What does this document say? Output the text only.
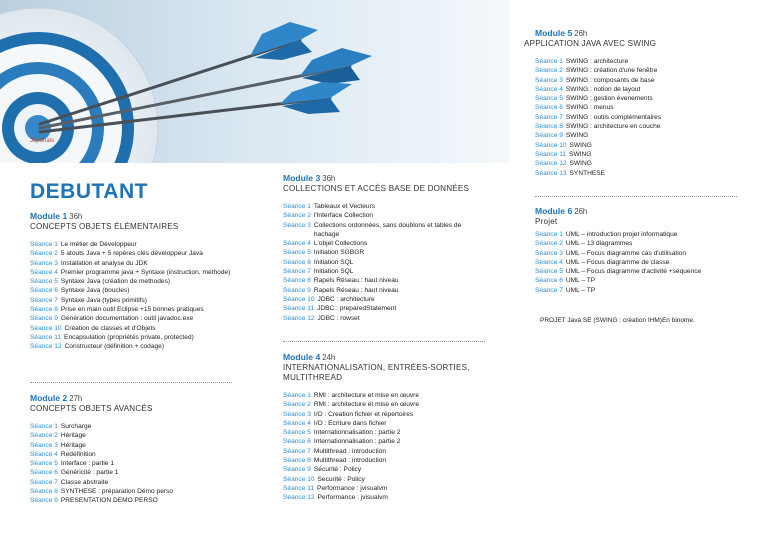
Japonais
DEBUTANT
Module 1 36h
CONCEPTS OBJETS ÉLÉMENTAIRES
Séance 1 Le métier de Développeur
Séance 2 5 atouts Java + 5 repères clés développeur Java
Séance 3 Installation et analyse du JDK
Séance 4 Premier programme java + Syntaxe (instruction, méthode)
Séance 5 Syntaxe Java (création de methodes)
Séance 6 Syntaxe Java (boucles)
Séance 7 Syntaxe Java (types primitifs)
Séance 8 Prise en main outil Eclipse +15 bonnes pratiques
Séance 9 Génération documentation : outil javadoc.exe
Séance 10 Création de classes et d'Objets
Séance 11 Encapsulation (propriétés private, protected)
Séance 12 Constructeur (définition + codage)
Module 2 27h
CONCEPTS OBJETS AVANCÉS
Séance 1 Surcharge
Séance 2 Héritage
Séance 3 Héritage
Séance 4 Redéfinition
Séance 5 Interface : partie 1
Séance 6 Généricité : partie 1
Séance 7 Classe abstraite
Séance 8 SYNTHESE : préparation Démo perso
Séance 9 PRESENTATION DEMO PERSO
Module 3 36h
COLLECTIONS ET ACCÈS BASE DE DONNÉES
Séance 1 Tableaux et Vecteurs
Séance 2 l'Interface Collection
Séance 3 Collections ordonnées, sans doublons et tables de hachage
Séance 4 L'objet Collections
Séance 5 Initiation SGBGR
Séance 6 Initiation SQL
Séance 7 Initiation SQL
Séance 8 Rapels Réseau : haut niveau
Séance 9 Rapels Réseau : haut niveau
Séance 10 JDBC : architecture
Séance 11 JDBC : preparedStatement
Séance 12 JDBC : rowset
Module 4 24h
INTERNATIONALISATION, ENTRÉES-SORTIES,
MULTITHREAD
Séance 1 RMI : architecture et mise en œuvre
Séance 2 RMI : architecture et mise en œuvre
Séance 3 I/O : Creation fichier et répertoires
Séance 4 I/O : Ecriture dans fichier
Séance 5 Internationnalisation : partie 2
Séance 6 Internationnalisation : partie 2
Séance 7 Multithread : introduction
Séance 8 Multithread : introduction
Séance 9 Sécurité : Policy
Séance 10 Securité : Policy
Séance 11 Performance : jvisualvm
Séance 12 Performance : jvisualvm
Module 5 26h
APPLICATION JAVA AVEC SWING
Séance 1 SWING : architecture
Séance 2 SWING : création d'une fenêtre
Séance 3 SWING : composants de base
Séance 4 SWING : notion de layout
Séance 5 SWING : gestion évenements
Séance 6 SWING : menus
Séance 7 SWING : outils complémentaires
Séance 8 SWING : architecture en couche
Séance 9 SWING
Séance 10 SWING
Séance 11 SWING
Séance 12 SWING
Séance 13 SYNTHESE
Module 6 26h
Projet
Séance 1 UML – introduction projet informatique
Séance 2 UML – 13 diagrammes
Séance 3 UML – Focus diagramme cas d'utilisation
Séance 4 UML – Focus diagramme de classe
Séance 5 UML – Focus diagramme d'activité +séquence
Séance 6 UML – TP
Séance 7 UML – TP
PROJET Java SE (SWING : création IHM)En binome.
